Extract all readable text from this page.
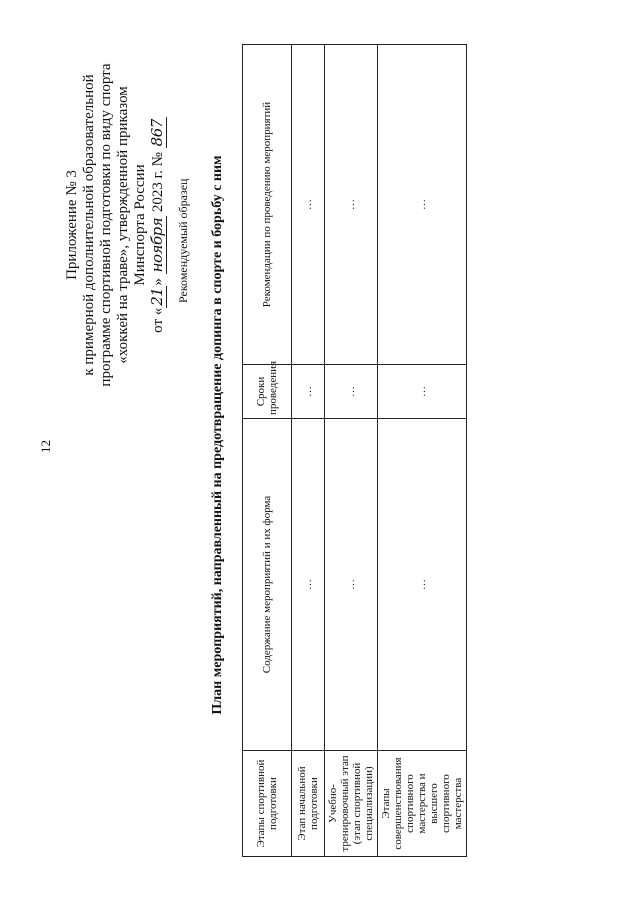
12
Приложение № 3 к примерной дополнительной образовательной программе спортивной подготовки по виду спорта «хоккей на траве», утвержденной приказом Минспорта России
от «21» ноября 2023 г. № 867
Рекомендуемый образец План мероприятий, направленный на предотвращение допинга в спорте и борьбу с ним
Этапы спортивной подготовки	Содержание мероприятий и их форма	Сроки проведения	Рекомендации по проведению мероприятий
Этап начальной подготовки	…	…	…
Учебно-тренировочный этап (этап спортивной специализации)	…	…	…
Этапы совершенствования спортивного мастерства и высшего спортивного мастерства	…	…	…
